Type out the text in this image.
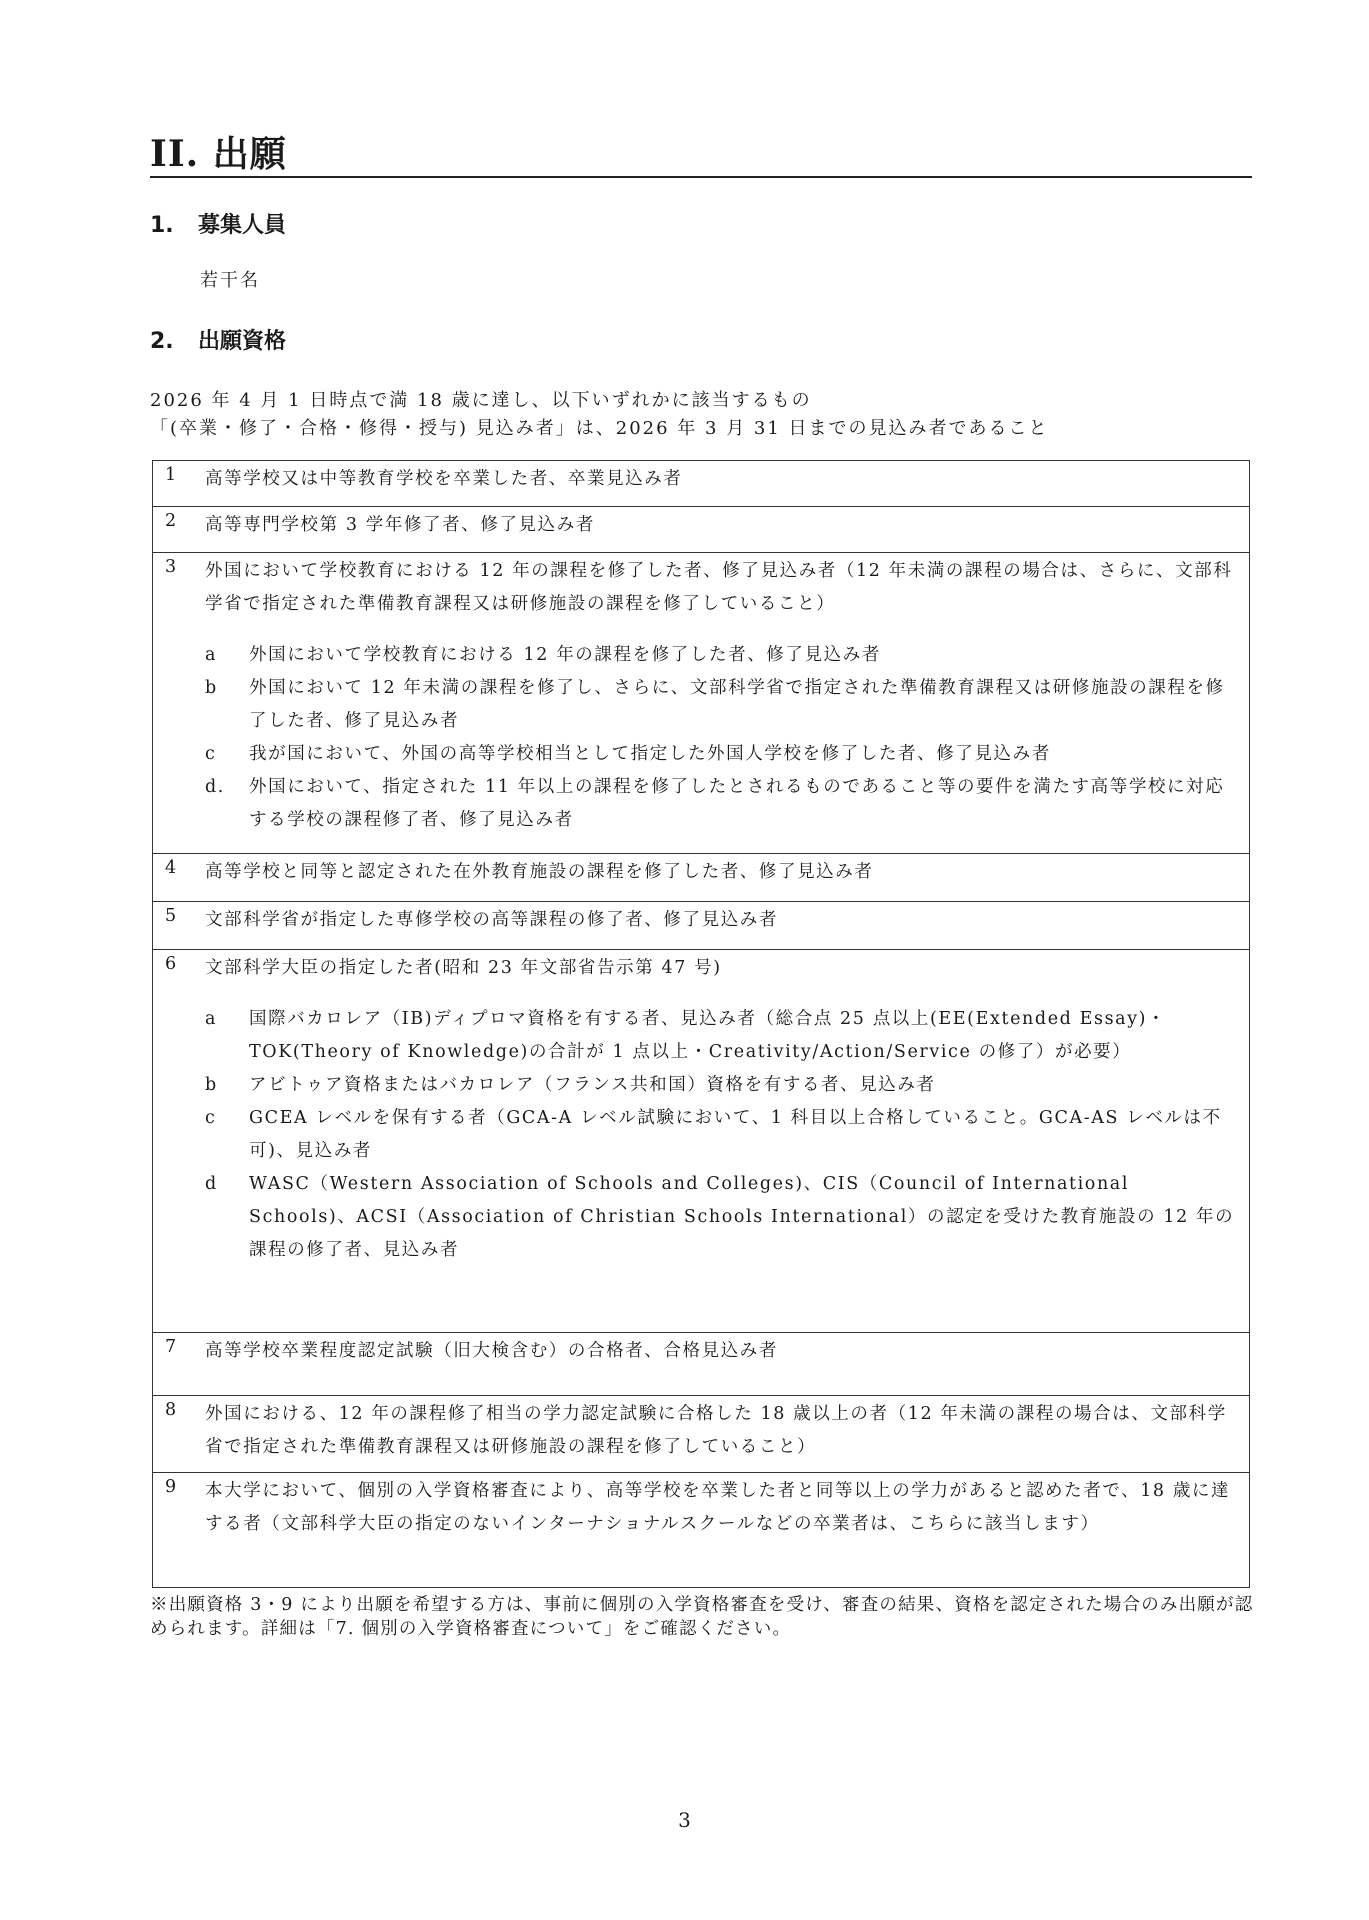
II. 出願
1. 募集人員
若干名
2. 出願資格
2026 年 4 月 1 日時点で満 18 歳に達し、以下いずれかに該当するもの
「(卒業・修了・合格・修得・授与) 見込み者」は、2026 年 3 月 31 日までの見込み者であること
1 高等学校又は中等教育学校を卒業した者、卒業見込み者

2 高等専門学校第 3 学年修了者、修了見込み者

3 外国において学校教育における 12 年の課程を修了した者、修了見込み者（12 年未満の課程の場合は、さらに、文部科学省で指定された準備教育課程又は研修施設の課程を修了していること）
a 外国において学校教育における 12 年の課程を修了した者、修了見込み者
b 外国において 12 年未満の課程を修了し、さらに、文部科学省で指定された準備教育課程又は研修施設の課程を修了した者、修了見込み者
c 我が国において、外国の高等学校相当として指定した外国人学校を修了した者、修了見込み者
d. 外国において、指定された 11 年以上の課程を修了したとされるものであること等の要件を満たす高等学校に対応する学校の課程修了者、修了見込み者

4 高等学校と同等と認定された在外教育施設の課程を修了した者、修了見込み者

5 文部科学省が指定した専修学校の高等課程の修了者、修了見込み者

6 文部科学大臣の指定した者(昭和 23 年文部省告示第 47 号)
a 国際バカロレア（IB)ディプロマ資格を有する者、見込み者（総合点 25 点以上(EE(Extended Essay)・TOK(Theory of Knowledge)の合計が 1 点以上・Creativity/Action/Service の修了）が必要）
b アビトゥア資格またはバカロレア（フランス共和国）資格を有する者、見込み者
c GCEA レベルを保有する者（GCA-A レベル試験において、1 科目以上合格していること。GCA-AS レベルは不可)、見込み者
d WASC（Western Association of Schools and Colleges)、CIS（Council of International Schools)、ACSI（Association of Christian Schools International）の認定を受けた教育施設の 12 年の課程の修了者、見込み者

7 高等学校卒業程度認定試験（旧大検含む）の合格者、合格見込み者

8 外国における、12 年の課程修了相当の学力認定試験に合格した 18 歳以上の者（12 年未満の課程の場合は、文部科学省で指定された準備教育課程又は研修施設の課程を修了していること）

9 本大学において、個別の入学資格審査により、高等学校を卒業した者と同等以上の学力があると認めた者で、18 歳に達する者（文部科学大臣の指定のないインターナショナルスクールなどの卒業者は、こちらに該当します）
※出願資格 3・9 により出願を希望する方は、事前に個別の入学資格審査を受け、審査の結果、資格を認定された場合のみ出願が認められます。詳細は「7. 個別の入学資格審査について」をご確認ください。
3
